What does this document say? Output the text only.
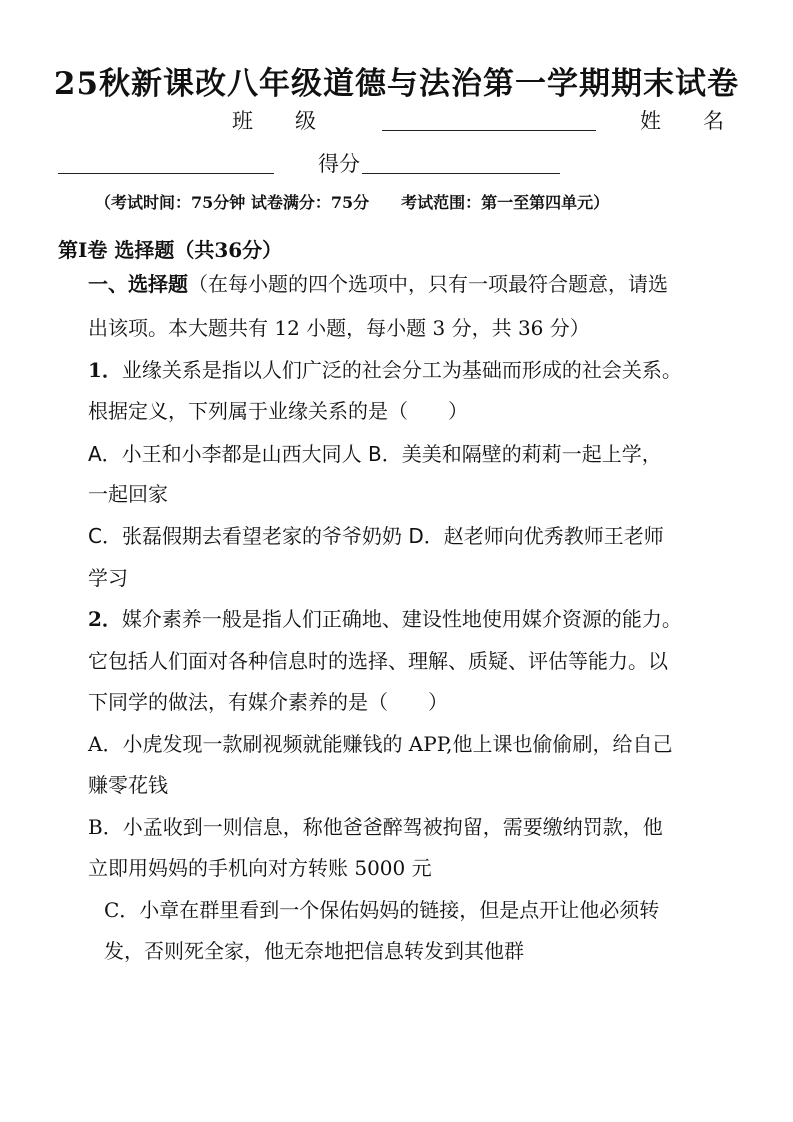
25秋新课改八年级道德与法治第一学期期末试卷
班　　级	姓　　名
得分
（考试时间：75分钟 试卷满分：75分　　考试范围：第一至第四单元）
第Ⅰ卷 选择题（共36分）
一、选择题（在每小题的四个选项中，只有一项最符合题意，请选
出该项。本大题共有 12 小题，每小题 3 分，共 36 分）
1．业缘关系是指以人们广泛的社会分工为基础而形成的社会关系。
根据定义，下列属于业缘关系的是（　　）
A．小王和小李都是山西大同人 B．美美和隔壁的莉莉一起上学，
一起回家
C．张磊假期去看望老家的爷爷奶奶 D．赵老师向优秀教师王老师
学习
2．媒介素养一般是指人们正确地、建设性地使用媒介资源的能力。
它包括人们面对各种信息时的选择、理解、质疑、评估等能力。以
下同学的做法，有媒介素养的是（　　）
A．小虎发现一款刷视频就能赚钱的 APP,他上课也偷偷刷，给自己
赚零花钱
B．小孟收到一则信息，称他爸爸醉驾被拘留，需要缴纳罚款，他
立即用妈妈的手机向对方转账 5000 元
C．小章在群里看到一个保佑妈妈的链接，但是点开让他必须转
发，否则死全家，他无奈地把信息转发到其他群
